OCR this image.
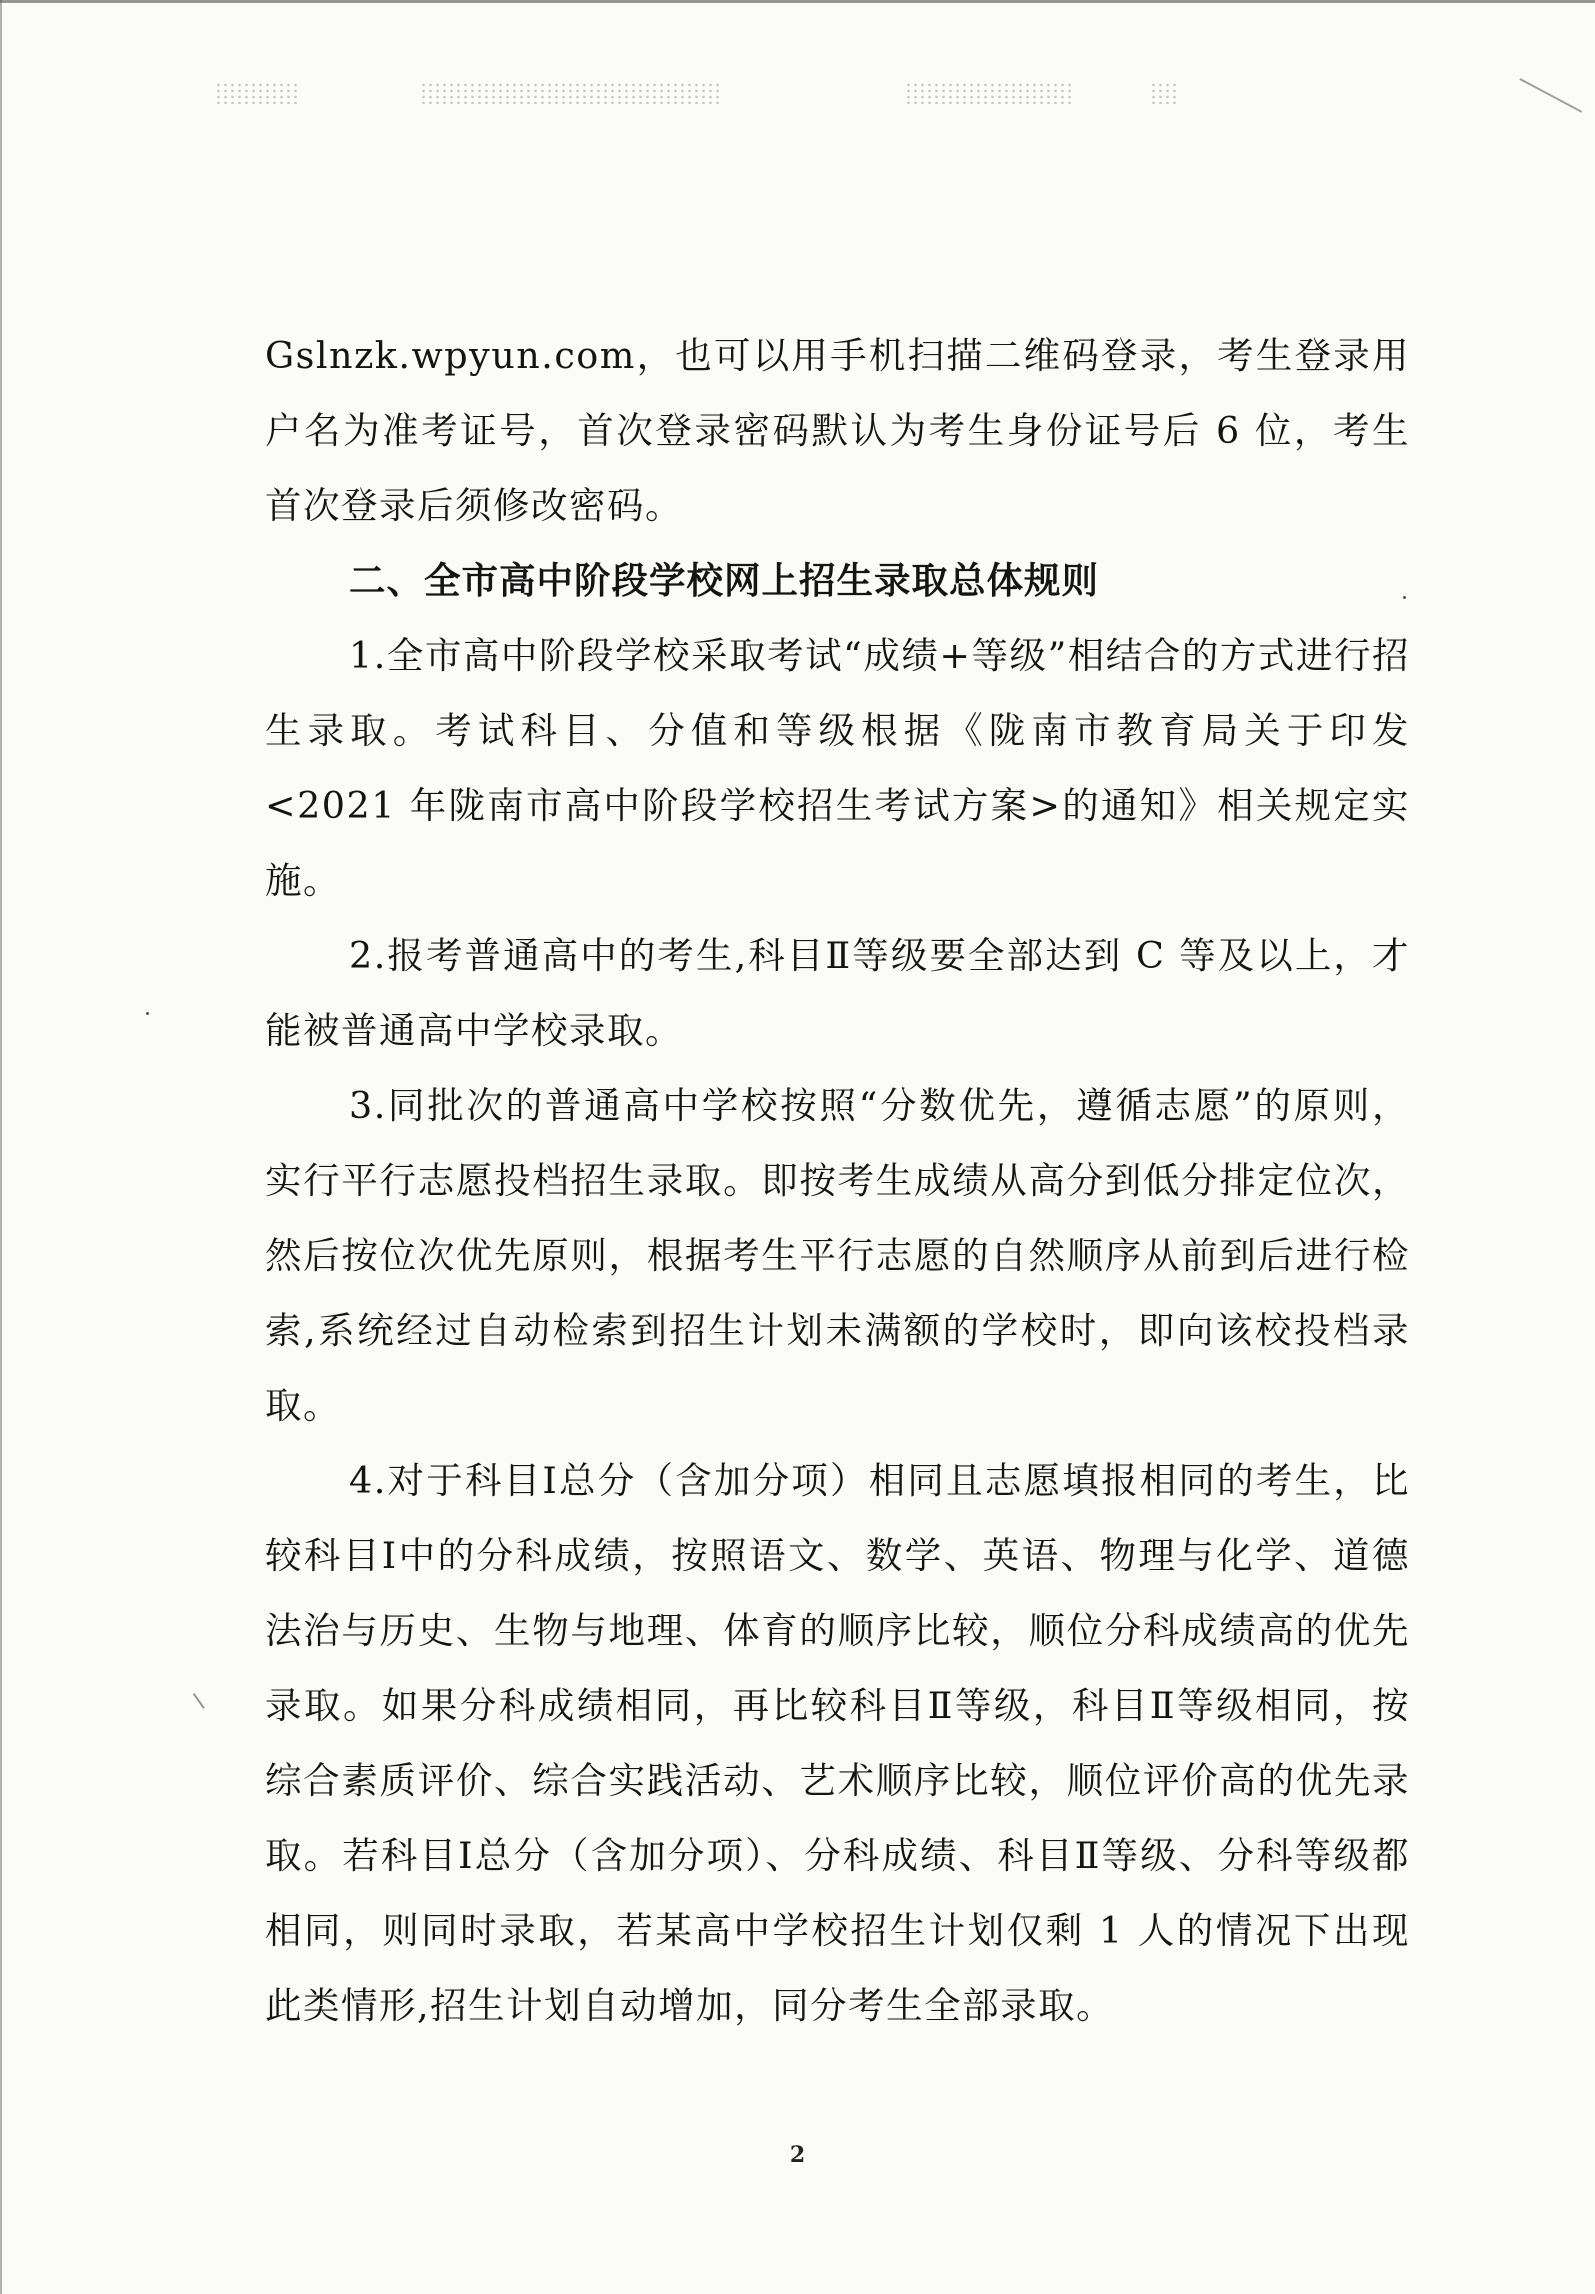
Gslnzk.wpyun.com，也可以用手机扫描二维码登录，考生登录用户名为准考证号，首次登录密码默认为考生身份证号后 6 位，考生首次登录后须修改密码。

二、全市高中阶段学校网上招生录取总体规则

1.全市高中阶段学校采取考试“成绩+等级”相结合的方式进行招生录取。考试科目、分值和等级根据《陇南市教育局关于印发<2021 年陇南市高中阶段学校招生考试方案>的通知》相关规定实施。

2.报考普通高中的考生,科目Ⅱ等级要全部达到 C 等及以上，才能被普通高中学校录取。

3.同批次的普通高中学校按照“分数优先，遵循志愿”的原则，实行平行志愿投档招生录取。即按考生成绩从高分到低分排定位次，然后按位次优先原则，根据考生平行志愿的自然顺序从前到后进行检索,系统经过自动检索到招生计划未满额的学校时，即向该校投档录取。

4.对于科目Ⅰ总分（含加分项）相同且志愿填报相同的考生，比较科目Ⅰ中的分科成绩，按照语文、数学、英语、物理与化学、道德法治与历史、生物与地理、体育的顺序比较，顺位分科成绩高的优先录取。如果分科成绩相同，再比较科目Ⅱ等级，科目Ⅱ等级相同，按综合素质评价、综合实践活动、艺术顺序比较，顺位评价高的优先录取。若科目Ⅰ总分（含加分项）、分科成绩、科目Ⅱ等级、分科等级都相同，则同时录取，若某高中学校招生计划仅剩 1 人的情况下出现此类情形,招生计划自动增加，同分考生全部录取。

2
